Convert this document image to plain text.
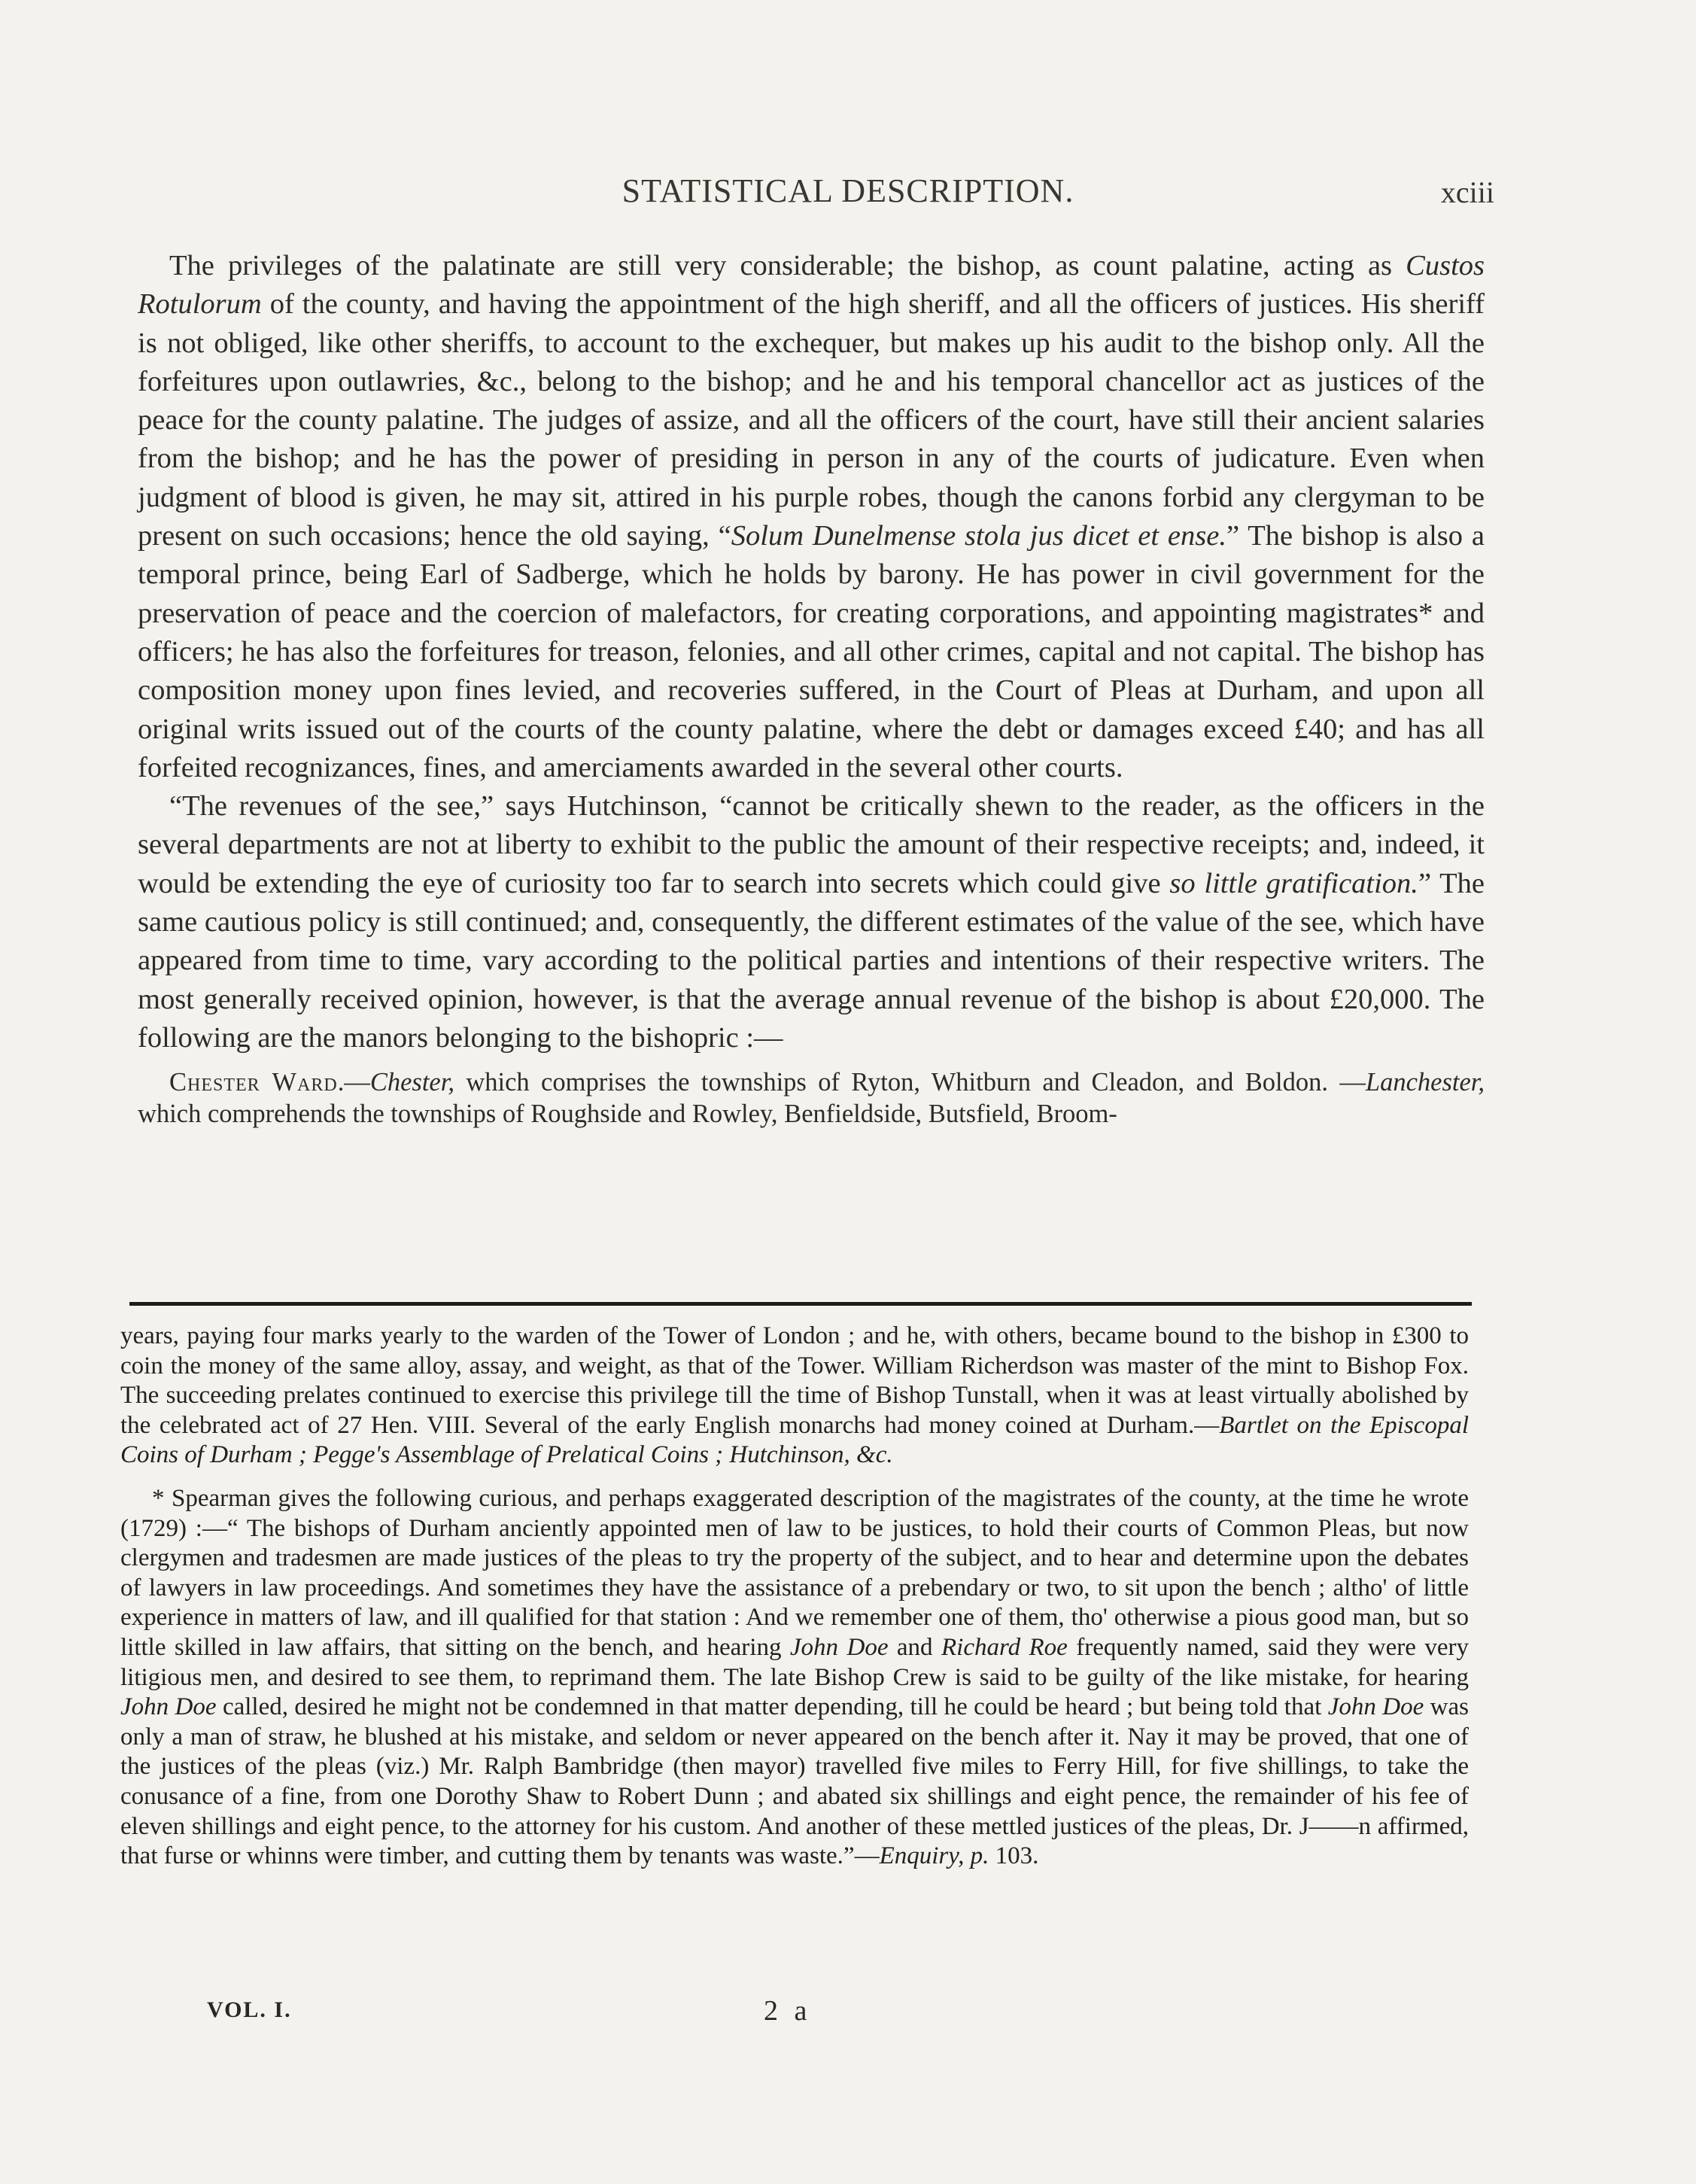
STATISTICAL DESCRIPTION.	xciii

The privileges of the palatinate are still very considerable; the bishop, as count palatine, acting as Custos Rotulorum of the county, and having the appointment of the high sheriff, and all the officers of justices. His sheriff is not obliged, like other sheriffs, to account to the exchequer, but makes up his audit to the bishop only. All the forfeitures upon outlawries, &c., belong to the bishop; and he and his temporal chancellor act as justices of the peace for the county palatine. The judges of assize, and all the officers of the court, have still their ancient salaries from the bishop; and he has the power of presiding in person in any of the courts of judicature. Even when judgment of blood is given, he may sit, attired in his purple robes, though the canons forbid any clergyman to be present on such occasions; hence the old saying, “Solum Dunelmense stola jus dicet et ense.” The bishop is also a temporal prince, being Earl of Sadberge, which he holds by barony. He has power in civil government for the preservation of peace and the coercion of malefactors, for creating corporations, and appointing magistrates* and officers; he has also the forfeitures for treason, felonies, and all other crimes, capital and not capital. The bishop has composition money upon fines levied, and recoveries suffered, in the Court of Pleas at Durham, and upon all original writs issued out of the courts of the county palatine, where the debt or damages exceed £40; and has all forfeited recognizances, fines, and amerciaments awarded in the several other courts.

“The revenues of the see,” says Hutchinson, “cannot be critically shewn to the reader, as the officers in the several departments are not at liberty to exhibit to the public the amount of their respective receipts; and, indeed, it would be extending the eye of curiosity too far to search into secrets which could give so little gratification.” The same cautious policy is still continued; and, consequently, the different estimates of the value of the see, which have appeared from time to time, vary according to the political parties and intentions of their respective writers. The most generally received opinion, however, is that the average annual revenue of the bishop is about £20,000. The following are the manors belonging to the bishopric :—

Chester Ward.—Chester, which comprises the townships of Ryton, Whitburn and Cleadon, and Boldon. —Lanchester, which comprehends the townships of Roughside and Rowley, Benfieldside, Butsfield, Broom-

years, paying four marks yearly to the warden of the Tower of London ; and he, with others, became bound to the bishop in £300 to coin the money of the same alloy, assay, and weight, as that of the Tower. William Richerdson was master of the mint to Bishop Fox. The succeeding prelates continued to exercise this privilege till the time of Bishop Tunstall, when it was at least virtually abolished by the celebrated act of 27 Hen. VIII. Several of the early English monarchs had money coined at Durham.—Bartlet on the Episcopal Coins of Durham ; Pegge's Assemblage of Prelatical Coins ; Hutchinson, &c.

* Spearman gives the following curious, and perhaps exaggerated description of the magistrates of the county, at the time he wrote (1729) :—“ The bishops of Durham anciently appointed men of law to be justices, to hold their courts of Common Pleas, but now clergymen and tradesmen are made justices of the pleas to try the property of the subject, and to hear and determine upon the debates of lawyers in law proceedings. And sometimes they have the assistance of a prebendary or two, to sit upon the bench ; altho' of little experience in matters of law, and ill qualified for that station : And we remember one of them, tho' otherwise a pious good man, but so little skilled in law affairs, that sitting on the bench, and hearing John Doe and Richard Roe frequently named, said they were very litigious men, and desired to see them, to reprimand them. The late Bishop Crew is said to be guilty of the like mistake, for hearing John Doe called, desired he might not be condemned in that matter depending, till he could be heard ; but being told that John Doe was only a man of straw, he blushed at his mistake, and seldom or never appeared on the bench after it. Nay it may be proved, that one of the justices of the pleas (viz.) Mr. Ralph Bambridge (then mayor) travelled five miles to Ferry Hill, for five shillings, to take the conusance of a fine, from one Dorothy Shaw to Robert Dunn ; and abated six shillings and eight pence, the remainder of his fee of eleven shillings and eight pence, to the attorney for his custom. And another of these mettled justices of the pleas, Dr. J——n affirmed, that furse or whinns were timber, and cutting them by tenants was waste.”—Enquiry, p. 103.

VOL. I.	2 a
